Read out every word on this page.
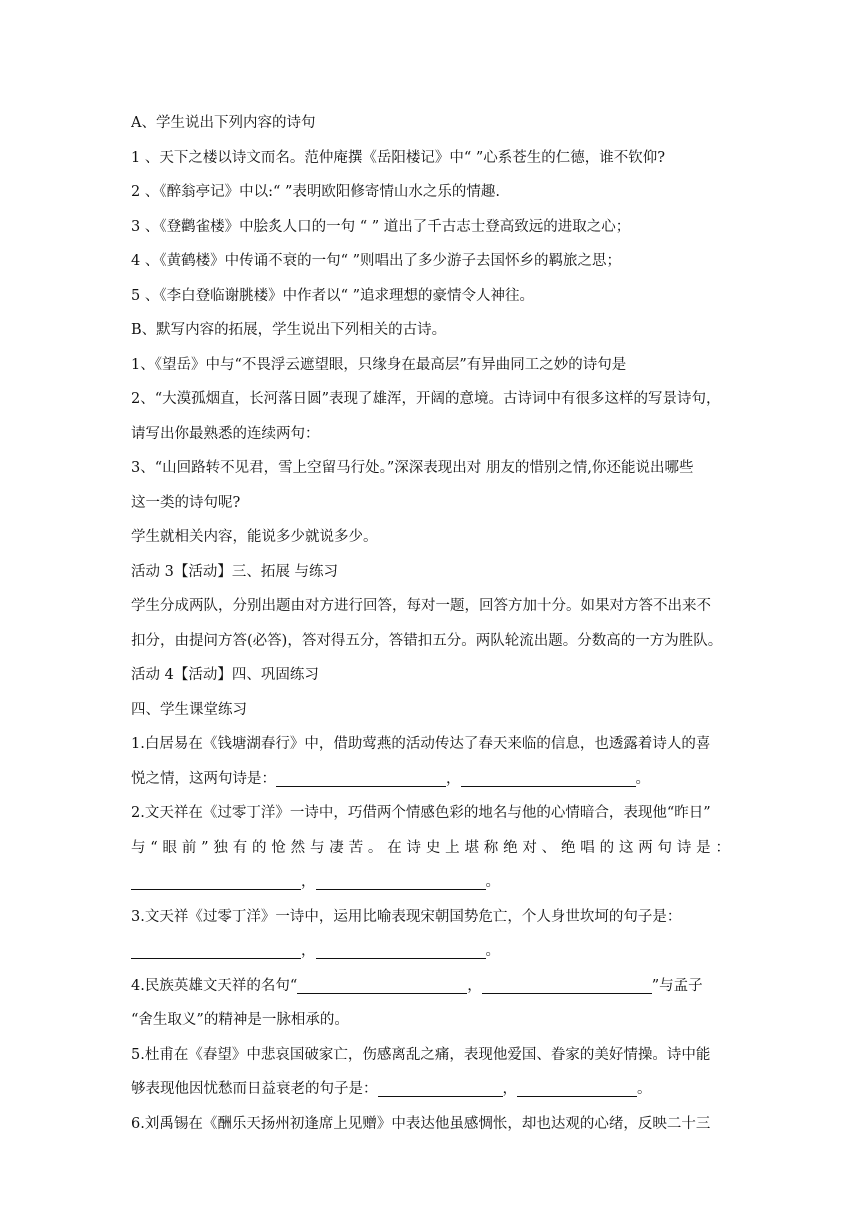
A、学生说出下列内容的诗句
1 、天下之楼以诗文而名。范仲庵撰《岳阳楼记》中“ ”心系苍生的仁德，谁不钦仰?
2 、《醉翁亭记》中以:“ ”表明欧阳修寄情山水之乐的情趣.
3 、《登鹳雀楼》中脍炙人口的一句 “ ” 道出了千古志士登高致远的进取之心；
4 、《黄鹤楼》中传诵不衰的一句“ ”则唱出了多少游子去国怀乡的羁旅之思；
5 、《李白登临谢朓楼》中作者以“ ”追求理想的豪情令人神往。
B、默写内容的拓展，学生说出下列相关的古诗。
1、《望岳》中与“不畏浮云遮望眼，只缘身在最高层”有异曲同工之妙的诗句是
2、“大漠孤烟直，长河落日圆”表现了雄浑，开阔的意境。古诗词中有很多这样的写景诗句，
请写出你最熟悉的连续两句：
3、“山回路转不见君，雪上空留马行处。”深深表现出对 朋友的惜别之情,你还能说出哪些
这一类的诗句呢?
学生就相关内容，能说多少就说多少。
活动 3【活动】三、拓展 与练习
学生分成两队，分别出题由对方进行回答，每对一题，回答方加十分。如果对方答不出来不
扣分，由提问方答(必答)，答对得五分，答错扣五分。两队轮流出题。分数高的一方为胜队。
活动 4【活动】四、巩固练习
四、学生课堂练习
1.白居易在《钱塘湖春行》中，借助莺燕的活动传达了春天来临的信息，也透露着诗人的喜
悦之情，这两句诗是：	，	。
2.文天祥在《过零丁洋》一诗中，巧借两个情感色彩的地名与他的心情暗合，表现他“昨日”
与“眼前”独有的怆然与凄苦。在诗史上堪称绝对、绝唱的这两句诗是：
，	。
3.文天祥《过零丁洋》一诗中，运用比喻表现宋朝国势危亡，个人身世坎坷的句子是：
，	。
4.民族英雄文天祥的名句“	，	”与孟子
“舍生取义”的精神是一脉相承的。
5.杜甫在《春望》中悲哀国破家亡，伤感离乱之痛，表现他爱国、眷家的美好情操。诗中能
够表现他因忧愁而日益衰老的句子是：	，	。
6.刘禹锡在《酬乐天扬州初逢席上见赠》中表达他虽感惆怅，却也达观的心绪，反映二十三
